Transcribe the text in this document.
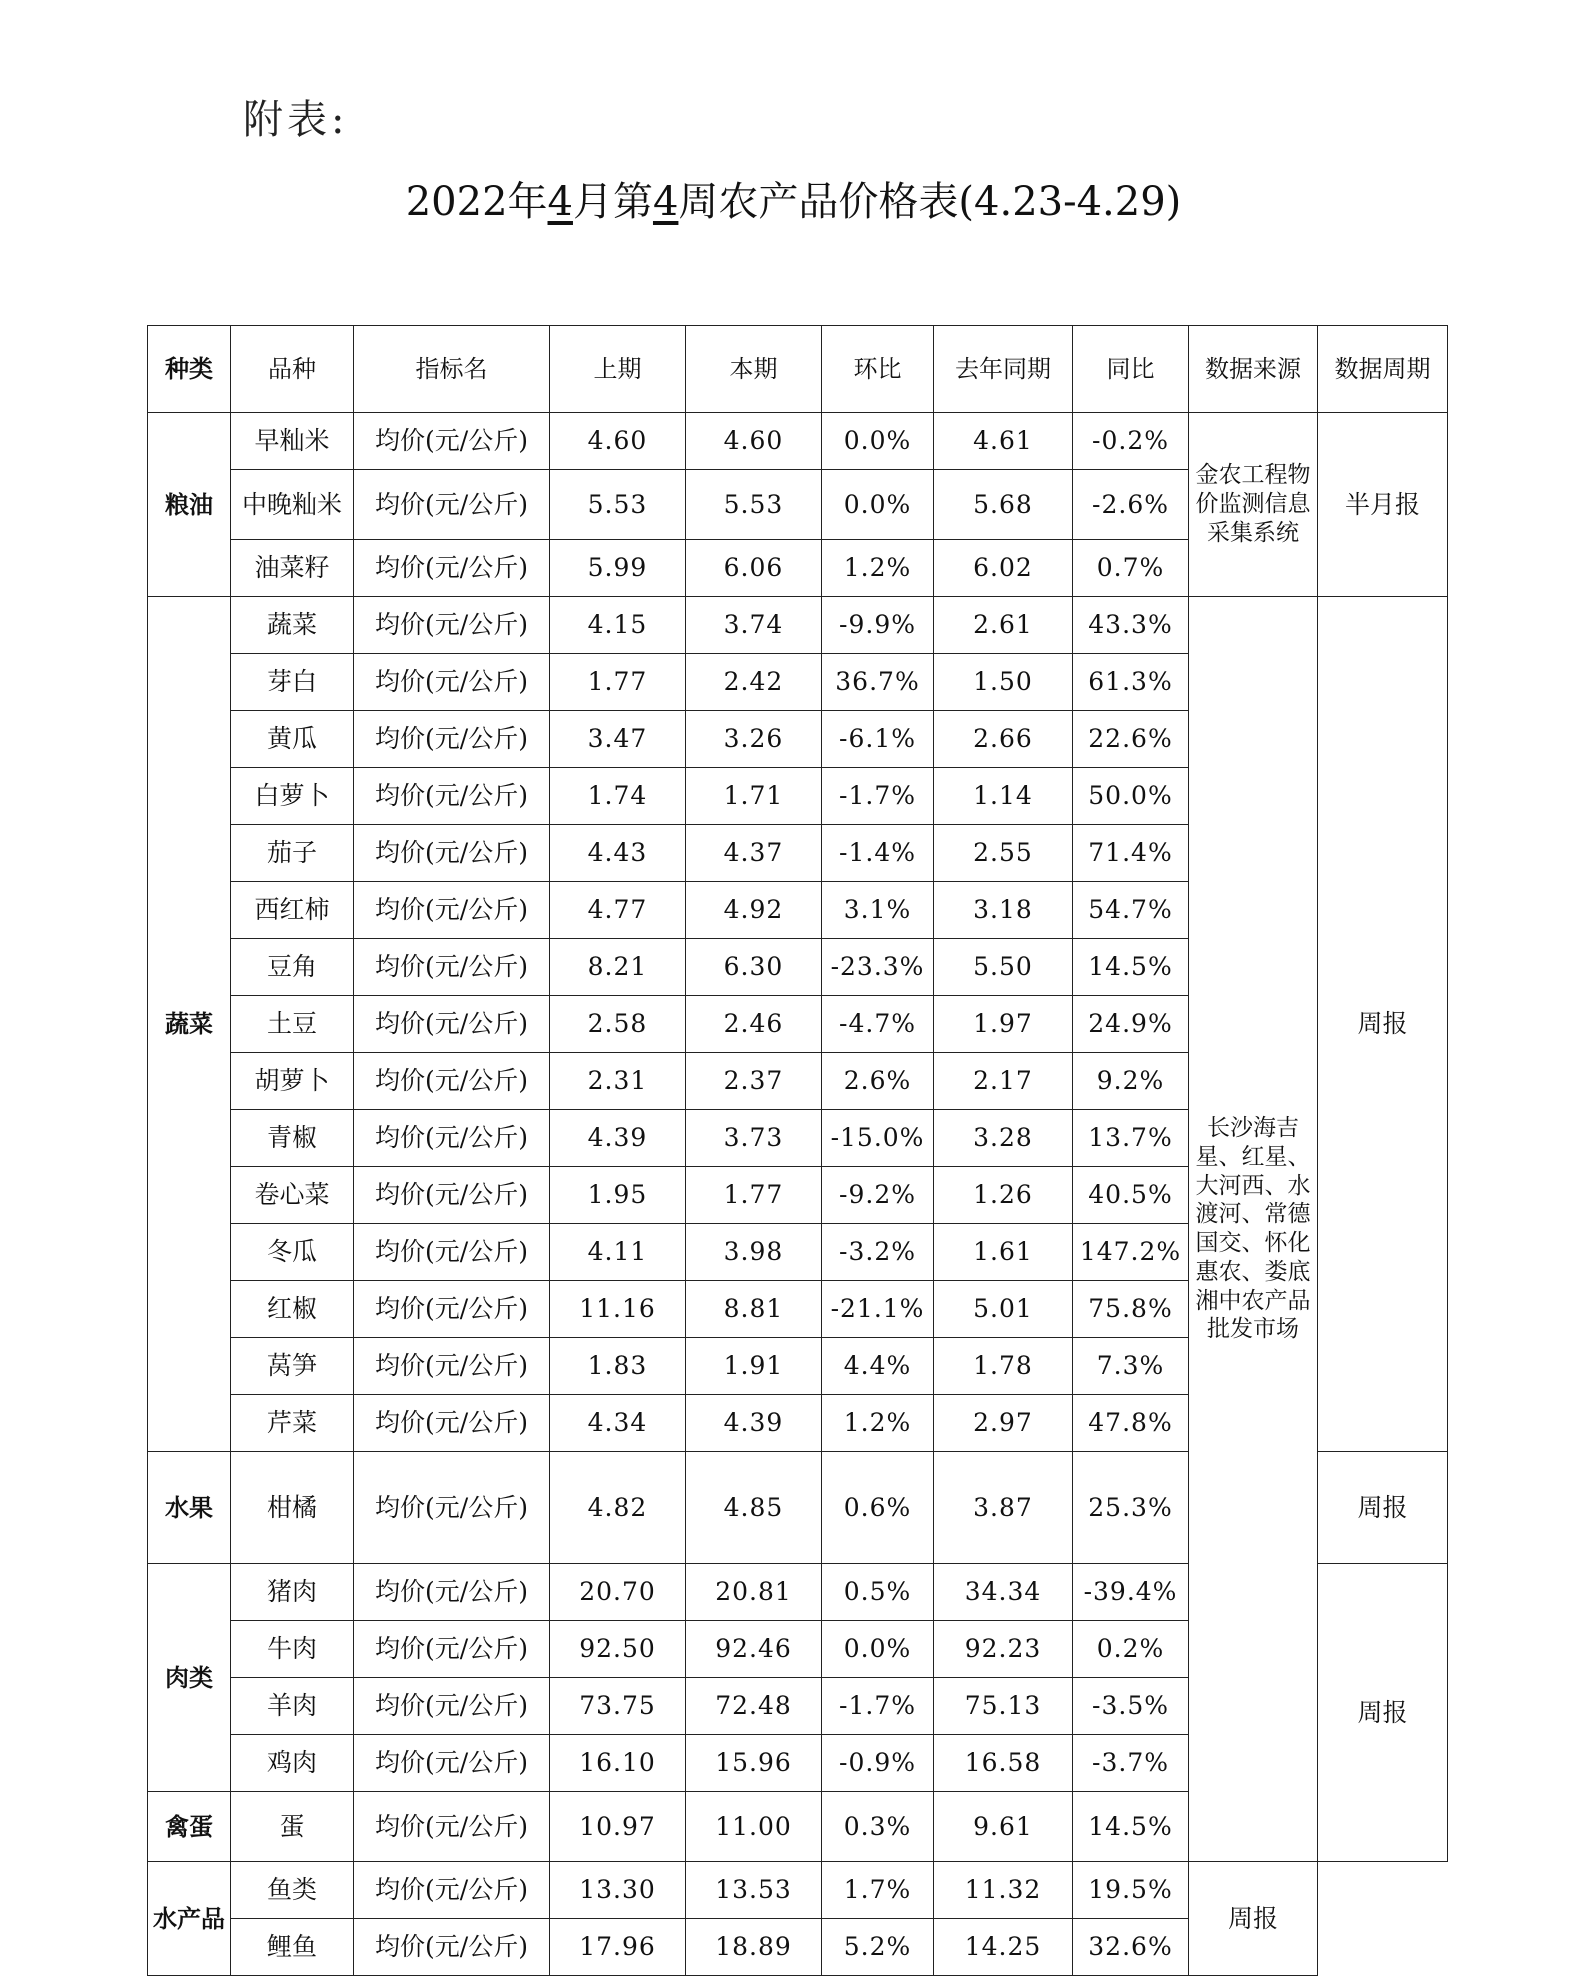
附表:
2022年4月第4周农产品价格表(4.23-4.29)
种类	品种	指标名	上期	本期	环比	去年同期	同比	数据来源	数据周期
粮油	早籼米	均价(元/公斤)	4.60	4.60	0.0%	4.61	-0.2%	金农工程物价监测信息采集系统	半月报
	中晚籼米	均价(元/公斤)	5.53	5.53	0.0%	5.68	-2.6%		
	油菜籽	均价(元/公斤)	5.99	6.06	1.2%	6.02	0.7%		
蔬菜	蔬菜	均价(元/公斤)	4.15	3.74	-9.9%	2.61	43.3%	长沙海吉星、红星、大河西、水渡河、常德国交、怀化惠农、娄底湘中农产品批发市场	周报
	芽白	均价(元/公斤)	1.77	2.42	36.7%	1.50	61.3%		
	黄瓜	均价(元/公斤)	3.47	3.26	-6.1%	2.66	22.6%		
	白萝卜	均价(元/公斤)	1.74	1.71	-1.7%	1.14	50.0%		
	茄子	均价(元/公斤)	4.43	4.37	-1.4%	2.55	71.4%		
	西红柿	均价(元/公斤)	4.77	4.92	3.1%	3.18	54.7%		
	豆角	均价(元/公斤)	8.21	6.30	-23.3%	5.50	14.5%		
	土豆	均价(元/公斤)	2.58	2.46	-4.7%	1.97	24.9%		
	胡萝卜	均价(元/公斤)	2.31	2.37	2.6%	2.17	9.2%		
	青椒	均价(元/公斤)	4.39	3.73	-15.0%	3.28	13.7%		
	卷心菜	均价(元/公斤)	1.95	1.77	-9.2%	1.26	40.5%		
	冬瓜	均价(元/公斤)	4.11	3.98	-3.2%	1.61	147.2%		
	红椒	均价(元/公斤)	11.16	8.81	-21.1%	5.01	75.8%		
	莴笋	均价(元/公斤)	1.83	1.91	4.4%	1.78	7.3%		
	芹菜	均价(元/公斤)	4.34	4.39	1.2%	2.97	47.8%		
水果	柑橘	均价(元/公斤)	4.82	4.85	0.6%	3.87	25.3%		周报
肉类	猪肉	均价(元/公斤)	20.70	20.81	0.5%	34.34	-39.4%		周报
	牛肉	均价(元/公斤)	92.50	92.46	0.0%	92.23	0.2%		
	羊肉	均价(元/公斤)	73.75	72.48	-1.7%	75.13	-3.5%		
	鸡肉	均价(元/公斤)	16.10	15.96	-0.9%	16.58	-3.7%		
禽蛋	蛋	均价(元/公斤)	10.97	11.00	0.3%	9.61	14.5%		
水产品	鱼类	均价(元/公斤)	13.30	13.53	1.7%	11.32	19.5%	周报	
	鲤鱼	均价(元/公斤)	17.96	18.89	5.2%	14.25	32.6%		
